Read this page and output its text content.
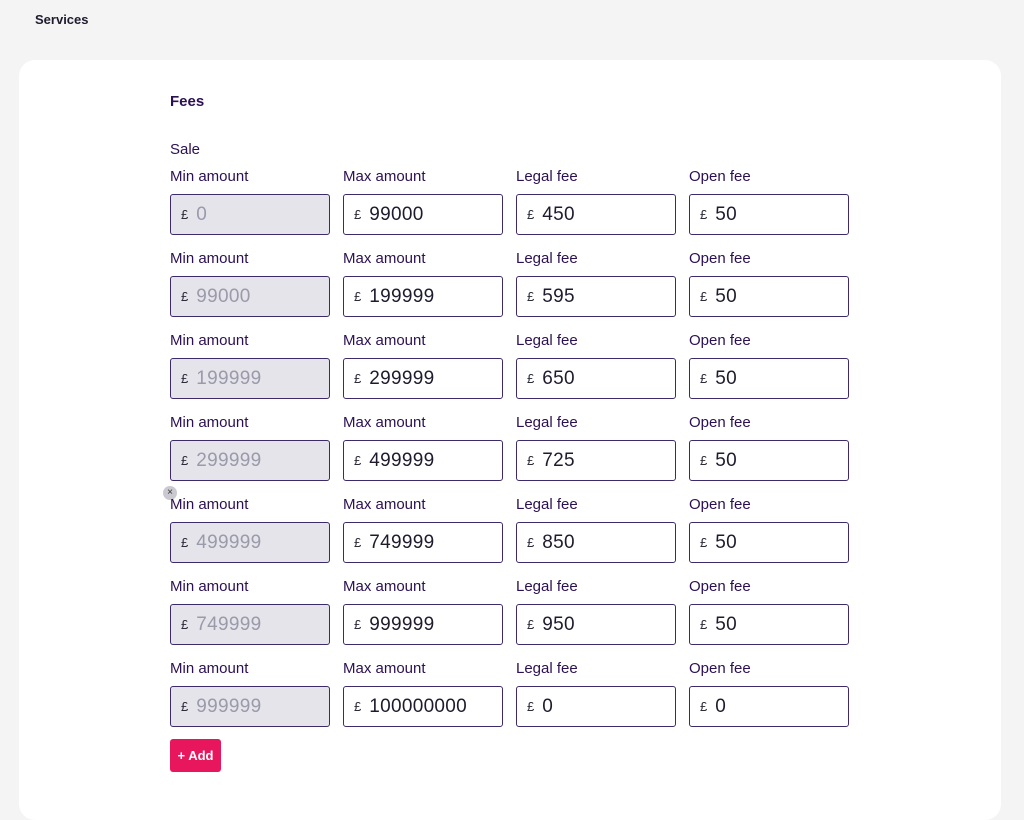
Services
Fees
Sale
Min amount
£ 0
Max amount
£ 99000
Legal fee
£ 450
Open fee
£ 50
Min amount
£ 99000
Max amount
£ 199999
Legal fee
£ 595
Open fee
£ 50
Min amount
£ 199999
Max amount
£ 299999
Legal fee
£ 650
Open fee
£ 50
Min amount
£ 299999
Max amount
£ 499999
Legal fee
£ 725
Open fee
£ 50
×
Min amount
£ 499999
Max amount
£ 749999
Legal fee
£ 850
Open fee
£ 50
Min amount
£ 749999
Max amount
£ 999999
Legal fee
£ 950
Open fee
£ 50
Min amount
£ 999999
Max amount
£ 100000000
Legal fee
£ 0
Open fee
£ 0
+ Add
